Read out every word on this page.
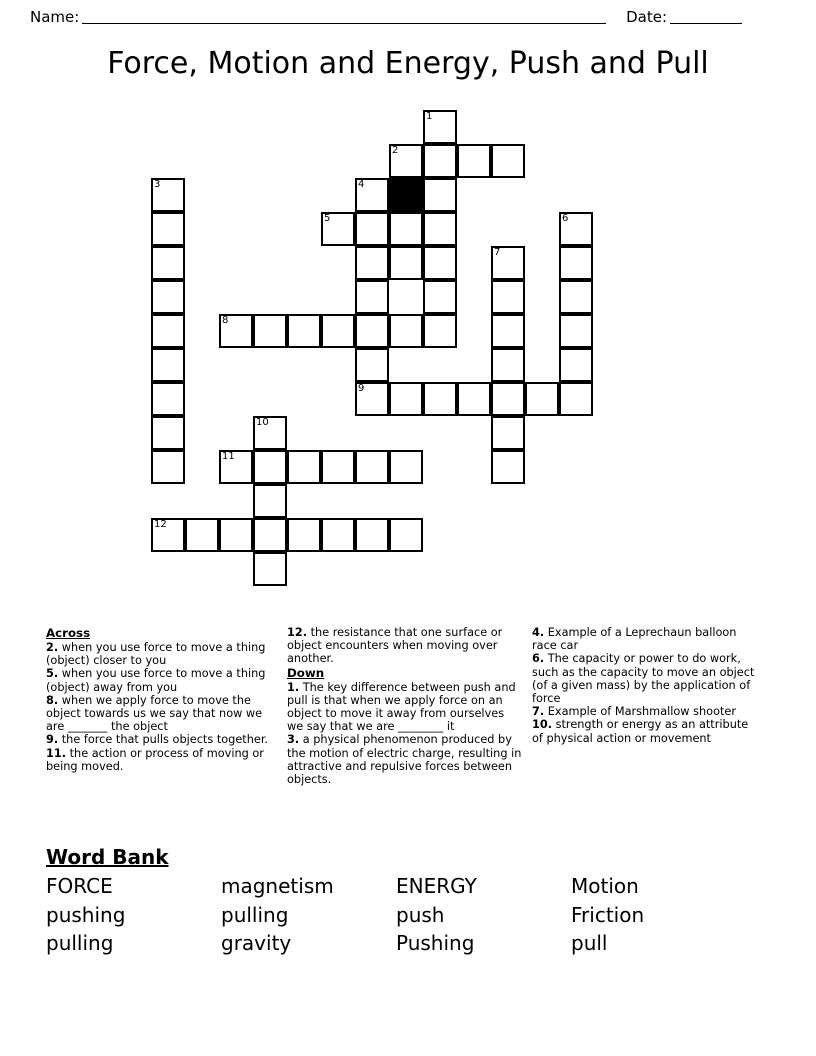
Name:	Date:
Force, Motion and Energy, Push and Pull
1
2
3	4
5	6
7
8
9
10
11
12
Across
2. when you use force to move a thing (object) closer to you
5. when you use force to move a thing (object) away from you
8. when we apply force to move the object towards us we say that now we are _______ the object
9. the force that pulls objects together.
11. the action or process of moving or being moved.
12. the resistance that one surface or object encounters when moving over another.
Down
1. The key difference between push and pull is that when we apply force on an object to move it away from ourselves we say that we are ________ it
3. a physical phenomenon produced by the motion of electric charge, resulting in attractive and repulsive forces between objects.
4. Example of a Leprechaun balloon race car
6. The capacity or power to do work, such as the capacity to move an object (of a given mass) by the application of force
7. Example of Marshmallow shooter
10. strength or energy as an attribute of physical action or movement
Word Bank
FORCE	magnetism	ENERGY	Motion
pushing	pulling	push	Friction
pulling	gravity	Pushing	pull
